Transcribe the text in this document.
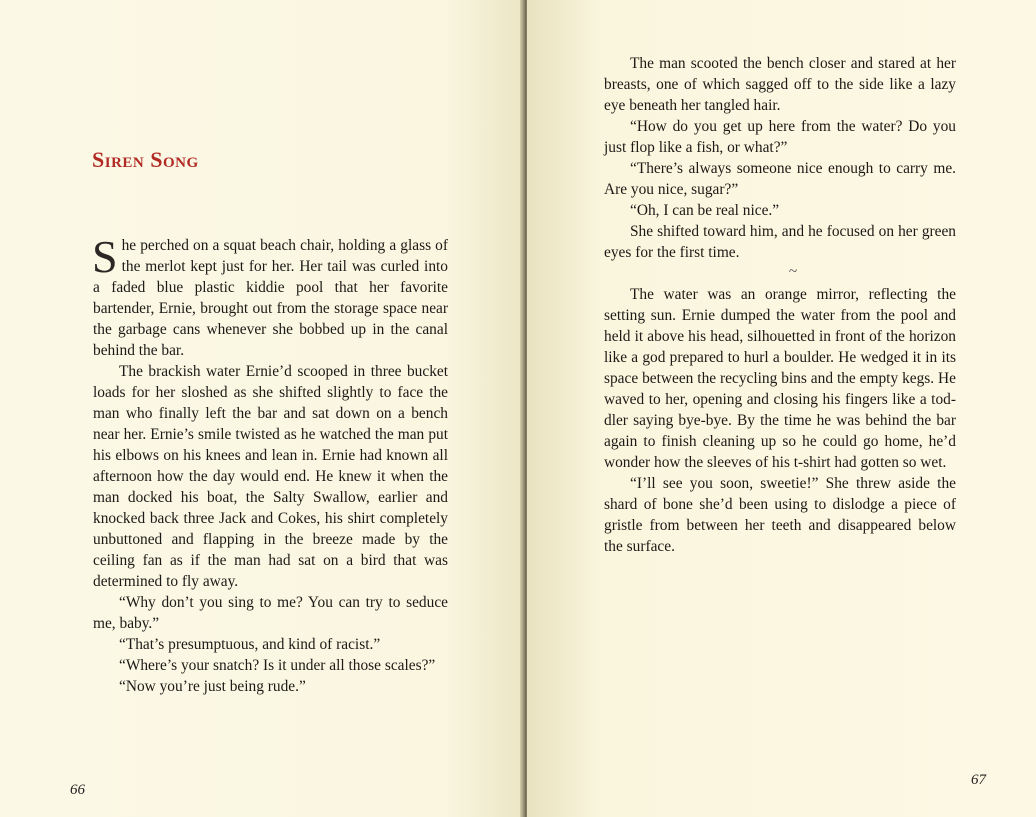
Siren Song

She perched on a squat beach chair, holding a glass of the merlot kept just for her. Her tail was curled into a faded blue plastic kiddie pool that her favorite bartender, Ernie, brought out from the storage space near the garbage cans whenever she bobbed up in the canal behind the bar.

The brackish water Ernie’d scooped in three bucket loads for her sloshed as she shifted slightly to face the man who finally left the bar and sat down on a bench near her. Ernie’s smile twisted as he watched the man put his elbows on his knees and lean in. Ernie had known all afternoon how the day would end. He knew it when the man docked his boat, the Salty Swallow, earlier and knocked back three Jack and Cokes, his shirt completely unbuttoned and flapping in the breeze made by the ceiling fan as if the man had sat on a bird that was determined to fly away.

“Why don’t you sing to me? You can try to seduce me, baby.”

“That’s presumptuous, and kind of racist.”

“Where’s your snatch? Is it under all those scales?”

“Now you’re just being rude.”

66

The man scooted the bench closer and stared at her breasts, one of which sagged off to the side like a lazy eye beneath her tangled hair.

“How do you get up here from the water? Do you just flop like a fish, or what?”

“There’s always someone nice enough to carry me. Are you nice, sugar?”

“Oh, I can be real nice.”

She shifted toward him, and he focused on her green eyes for the first time.

~

The water was an orange mirror, reflecting the setting sun. Ernie dumped the water from the pool and held it above his head, silhouetted in front of the horizon like a god prepared to hurl a boulder. He wedged it in its space between the recycling bins and the empty kegs. He waved to her, opening and closing his fingers like a toddler saying bye-bye. By the time he was behind the bar again to finish cleaning up so he could go home, he’d wonder how the sleeves of his t-shirt had gotten so wet.

“I’ll see you soon, sweetie!” She threw aside the shard of bone she’d been using to dislodge a piece of gristle from between her teeth and disappeared below the surface.

67
